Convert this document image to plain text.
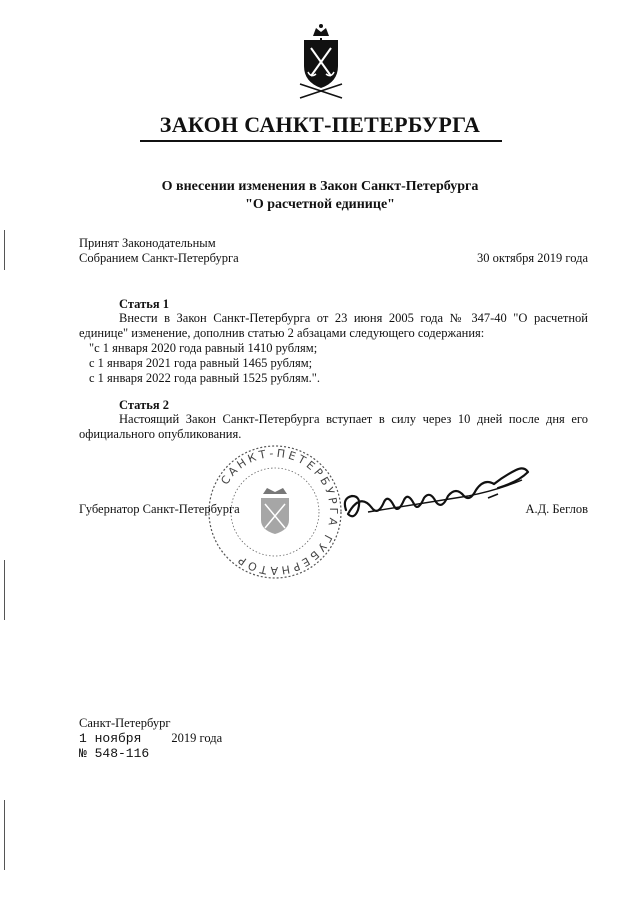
ЗАКОН САНКТ-ПЕТЕРБУРГА
О внесении изменения в Закон Санкт-Петербурга
"О расчетной единице"
Принят Законодательным
Собранием Санкт-Петербурга	30 октября 2019 года
Статья 1
Внести в Закон Санкт-Петербурга от 23 июня 2005 года № 347-40 "О расчетной единице" изменение, дополнив статью 2 абзацами следующего содержания:
"с 1 января 2020 года равный 1410 рублям;
с 1 января 2021 года равный 1465 рублям;
с 1 января 2022 года равный 1525 рублям.".
Статья 2
Настоящий Закон Санкт-Петербурга вступает в силу через 10 дней после дня его официального опубликования.
САНКТ-ПЕТЕРБУРГА ГУБЕРНАТОР
Губернатор Санкт-Петербурга	А.Д. Беглов
Санкт-Петербург
1 ноября 2019 года
№ 548-116
